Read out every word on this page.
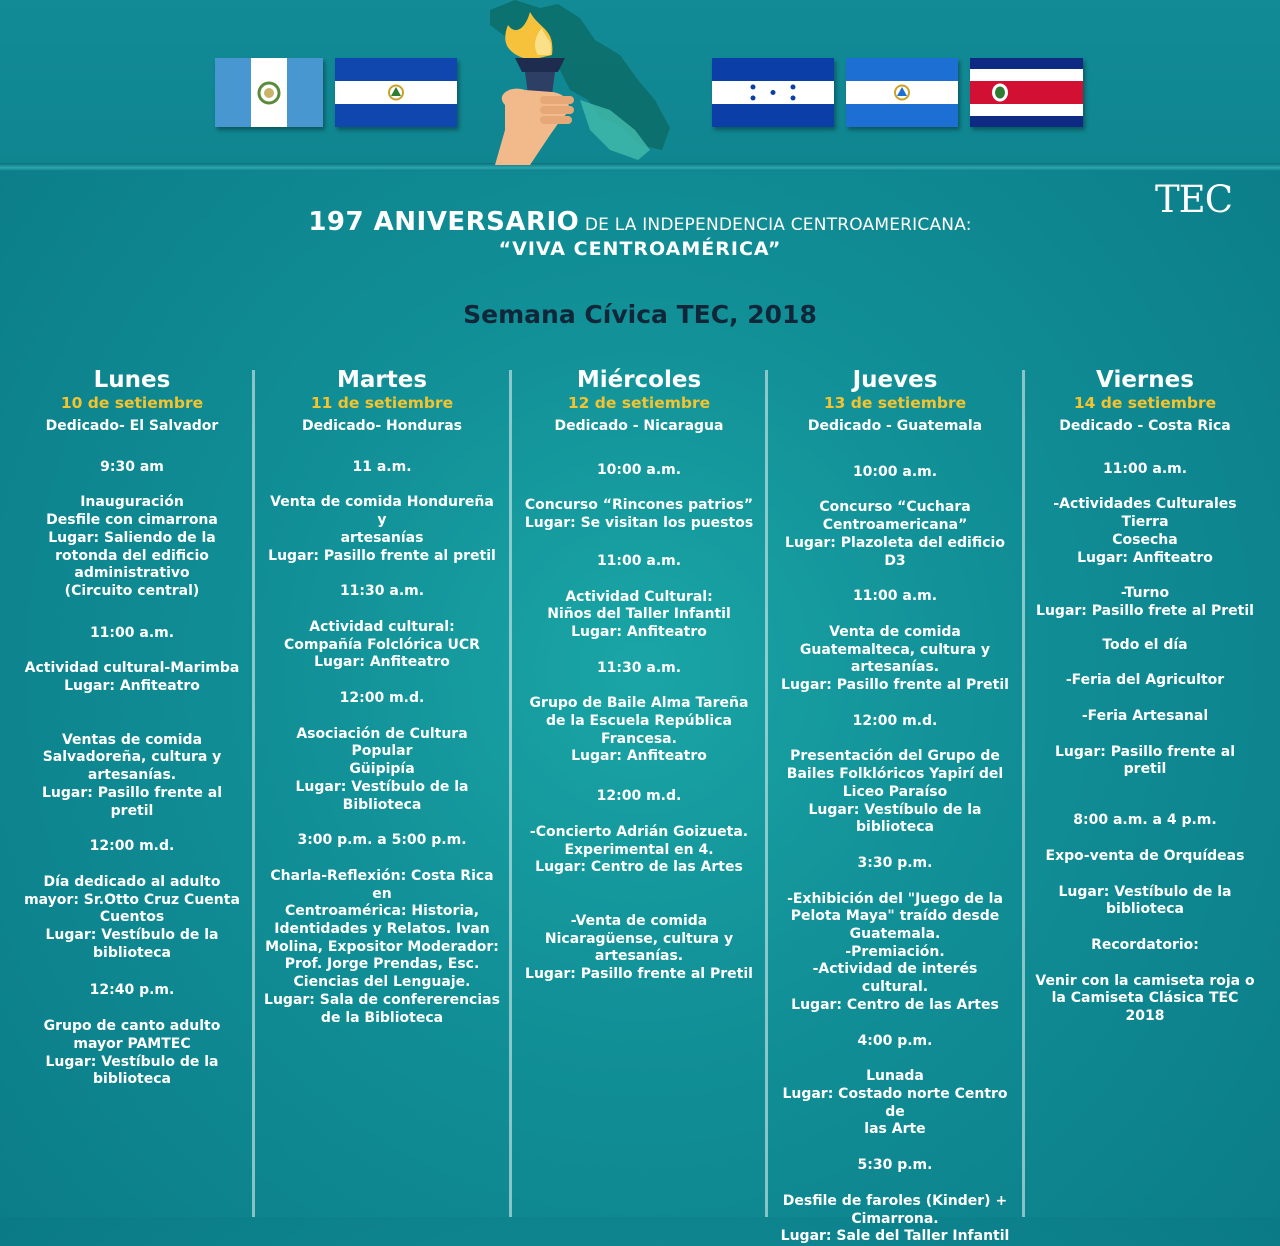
TEC
197 ANIVERSARIO DE LA INDEPENDENCIA CENTROAMERICANA:
“VIVA CENTROAMÉRICA”
Semana Cívica TEC, 2018
Lunes
10 de setiembre

Dedicado- El Salvador

9:30 am

Inauguración
Desfile con cimarrona
Lugar: Saliendo de la
rotonda del edificio
administrativo
(Circuito central)

11:00 a.m.

Actividad cultural-Marimba
Lugar: Anfiteatro

Ventas de comida
Salvadoreña, cultura y
artesanías.
Lugar: Pasillo frente al pretil

12:00 m.d.

Día dedicado al adulto
mayor: Sr.Otto Cruz Cuenta
Cuentos
Lugar: Vestíbulo de la
biblioteca

12:40 p.m.

Grupo de canto adulto
mayor PAMTEC
Lugar: Vestíbulo de la
biblioteca

Martes
11 de setiembre

Dedicado- Honduras

11 a.m.

Venta de comida Hondureña y
artesanías
Lugar: Pasillo frente al pretil

11:30 a.m.

Actividad cultural:
Compañía Folclórica UCR
Lugar: Anfiteatro

12:00 m.d.

Asociación de Cultura Popular
Güipipía
Lugar: Vestíbulo de la
Biblioteca

3:00 p.m. a 5:00 p.m.

Charla-Reflexión: Costa Rica en
Centroamérica: Historia,
Identidades y Relatos. Ivan
Molina, Expositor Moderador:
Prof. Jorge Prendas, Esc.
Ciencias del Lenguaje.
Lugar: Sala de confererencias
de la Biblioteca

Miércoles
12 de setiembre

Dedicado - Nicaragua

10:00 a.m.

Concurso “Rincones patrios”
Lugar: Se visitan los puestos

11:00 a.m.

Actividad Cultural:
Niños del Taller Infantil
Lugar: Anfiteatro

11:30 a.m.

Grupo de Baile Alma Tareña
de la Escuela República
Francesa.
Lugar: Anfiteatro

12:00 m.d.

-Concierto Adrián Goizueta.
Experimental en 4.
Lugar: Centro de las Artes

-Venta de comida
Nicaragüense, cultura y
artesanías.
Lugar: Pasillo frente al Pretil

Jueves
13 de setiembre

Dedicado - Guatemala

10:00 a.m.

Concurso “Cuchara
Centroamericana”
Lugar: Plazoleta del edificio D3

11:00 a.m.

Venta de comida
Guatemalteca, cultura y
artesanías.
Lugar: Pasillo frente al Pretil

12:00 m.d.

Presentación del Grupo de
Bailes Folklóricos Yapirí del
Liceo Paraíso
Lugar: Vestíbulo de la
biblioteca

3:30 p.m.

-Exhibición del "Juego de la
Pelota Maya" traído desde
Guatemala.
-Premiación.
-Actividad de interés cultural.
Lugar: Centro de las Artes

4:00 p.m.

Lunada
Lugar: Costado norte Centro de
las Arte

5:30 p.m.

Desfile de faroles (Kinder) +
Cimarrona.
Lugar: Sale del Taller Infantil

Viernes
14 de setiembre

Dedicado - Costa Rica

11:00 a.m.

-Actividades Culturales Tierra
Cosecha
Lugar: Anfiteatro

-Turno
Lugar: Pasillo frete al Pretil

Todo el día

-Feria del Agricultor

-Feria Artesanal

Lugar: Pasillo frente al pretil

8:00 a.m. a 4 p.m.

Expo-venta de Orquídeas

Lugar: Vestíbulo de la
biblioteca

Recordatorio:

Venir con la camiseta roja o
la Camiseta Clásica TEC 2018
